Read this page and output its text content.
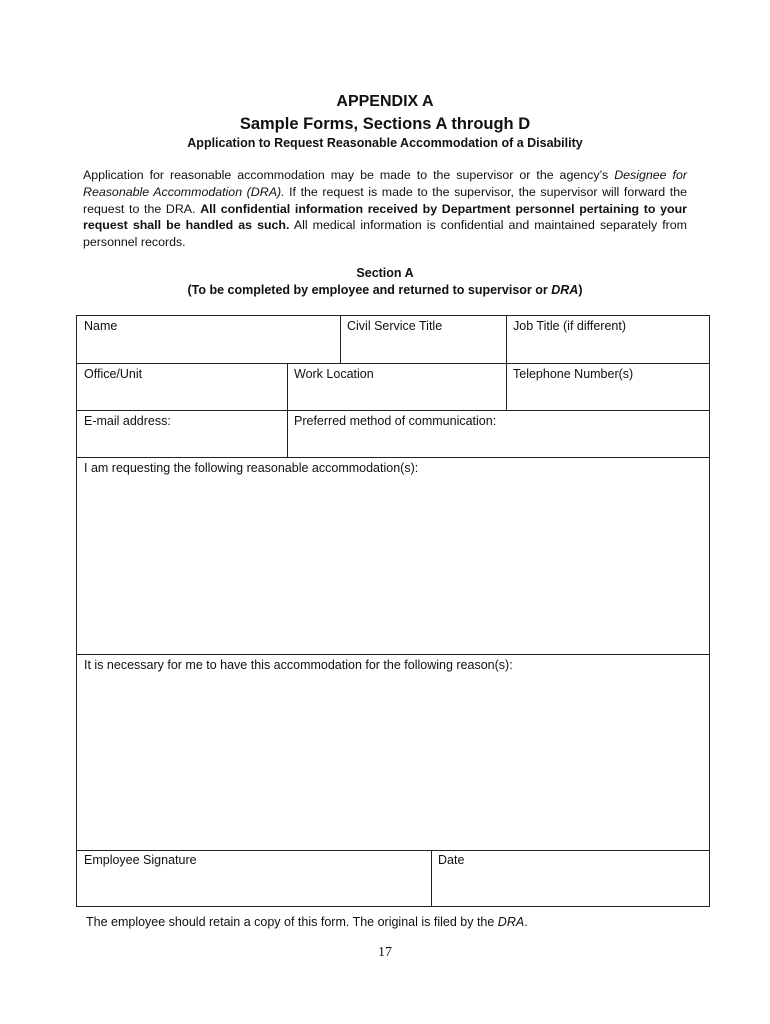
APPENDIX A
Sample Forms, Sections A through D
Application to Request Reasonable Accommodation of a Disability
Application for reasonable accommodation may be made to the supervisor or the agency’s Designee for Reasonable Accommodation (DRA). If the request is made to the supervisor, the supervisor will forward the request to the DRA. All confidential information received by Department personnel pertaining to your request shall be handled as such. All medical information is confidential and maintained separately from personnel records.
Section A
(To be completed by employee and returned to supervisor or DRA)
Name	Civil Service Title	Job Title (if different)
Office/Unit	Work Location	Telephone Number(s)
E-mail address:	Preferred method of communication:
I am requesting the following reasonable accommodation(s):
It is necessary for me to have this accommodation for the following reason(s):
Employee Signature	Date
The employee should retain a copy of this form. The original is filed by the DRA.
17
